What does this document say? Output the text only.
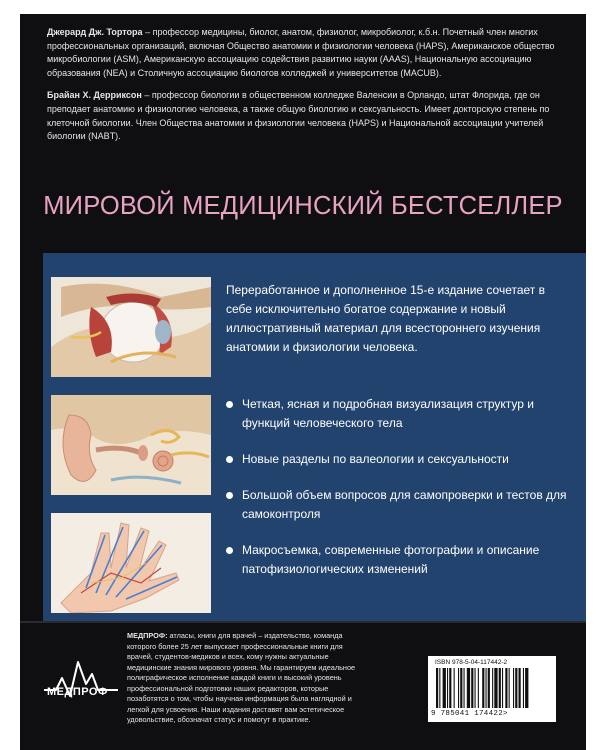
Джерард Дж. Тортора – профессор медицины, биолог, анатом, физиолог, микробиолог, к.б.н. Почетный член многих профессиональных организаций, включая Общество анатомии и физиологии человека (HAPS), Американское общество микробиологии (ASM), Американскую ассоциацию содействия развитию науки (AAAS), Национальную ассоциацию образования (NEA) и Столичную ассоциацию биологов колледжей и университетов (MACUB).

Брайан Х. Дерриксон – профессор биологии в общественном колледже Валенсии в Орландо, штат Флорида, где он преподает анатомию и физиологию человека, а также общую биологию и сексуальность. Имеет докторскую степень по клеточной биологии. Член Общества анатомии и физиологии человека (HAPS) и Национальной ассоциации учителей биологии (NABT).

МИРОВОЙ МЕДИЦИНСКИЙ БЕСТСЕЛЛЕР
Переработанное и дополненное 15-е издание сочетает в себе исключительно богатое содержание и новый иллюстративный материал для всестороннего изучения анатомии и физиологии человека.
Четкая, ясная и подробная визуализация структур и функций человеческого тела
Новые разделы по валеологии и сексуальности
Большой объем вопросов для самопроверки и тестов для самоконтроля
Макросъемка, современные фотографии и описание патофизиологических изменений
МЕДПРОФ
МЕДПРОФ: атласы, книги для врачей – издательство, команда которого более 25 лет выпускает профессиональные книги для врачей, студентов-медиков и всех, кому нужны актуальные медицинские знания мирового уровня. Мы гарантируем идеальное полиграфическое исполнение каждой книги и высокий уровень профессиональной подготовки наших редакторов, которые позаботятся о том, чтобы научная информация была наглядной и легкой для усвоения. Наши издания доставят вам эстетическое удовольствие, обозначат статус и помогут в практике.
ISBN 978-5-04-117442-2
9 785041 174422>
